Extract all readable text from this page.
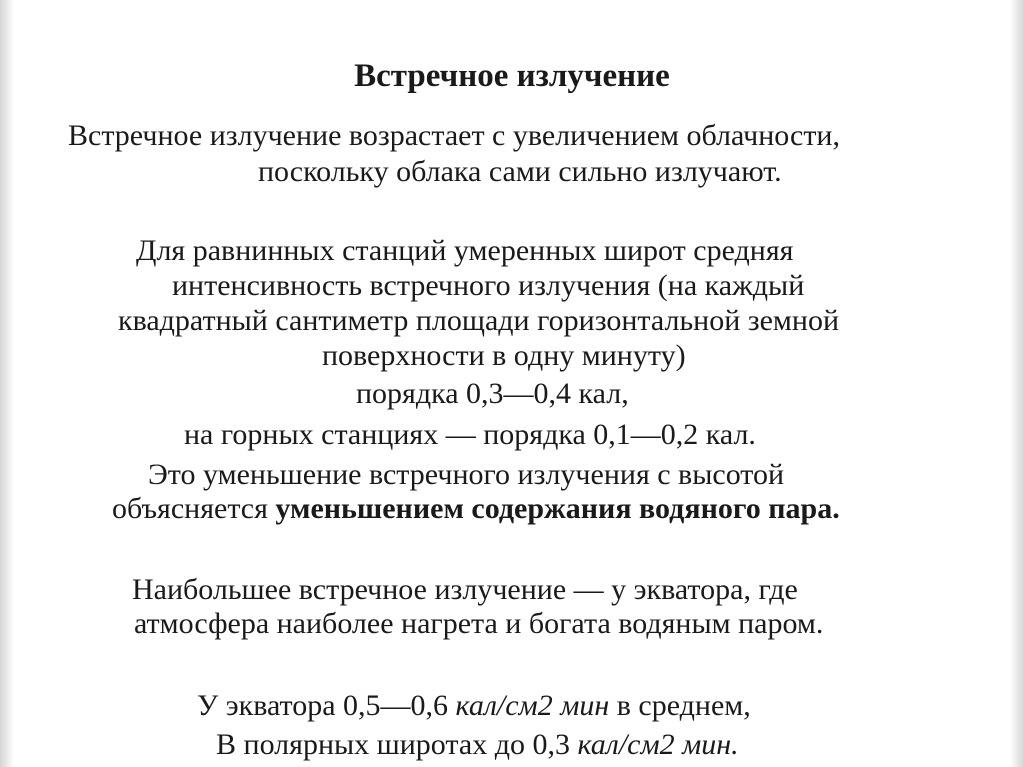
Встречное излучение

Встречное излучение возрастает с увеличением облачности,

поскольку облака сами сильно излучают.

Для равнинных станций умеренных широт средняя

интенсивность встречного излучения (на каждый

квадратный сантиметр площади горизонтальной земной

поверхности в одну минуту)

порядка 0,3—0,4 кал,

на горных станциях — порядка 0,1—0,2 кал.

Это уменьшение встречного излучения с высотой

объясняется уменьшением содержания водяного пара.

Наибольшее встречное излучение — у экватора, где

атмосфера наиболее нагрета и богата водяным паром.

У экватора 0,5—0,6 кал/см2 мин в среднем,

В полярных широтах до 0,3 кал/см2 мин.
